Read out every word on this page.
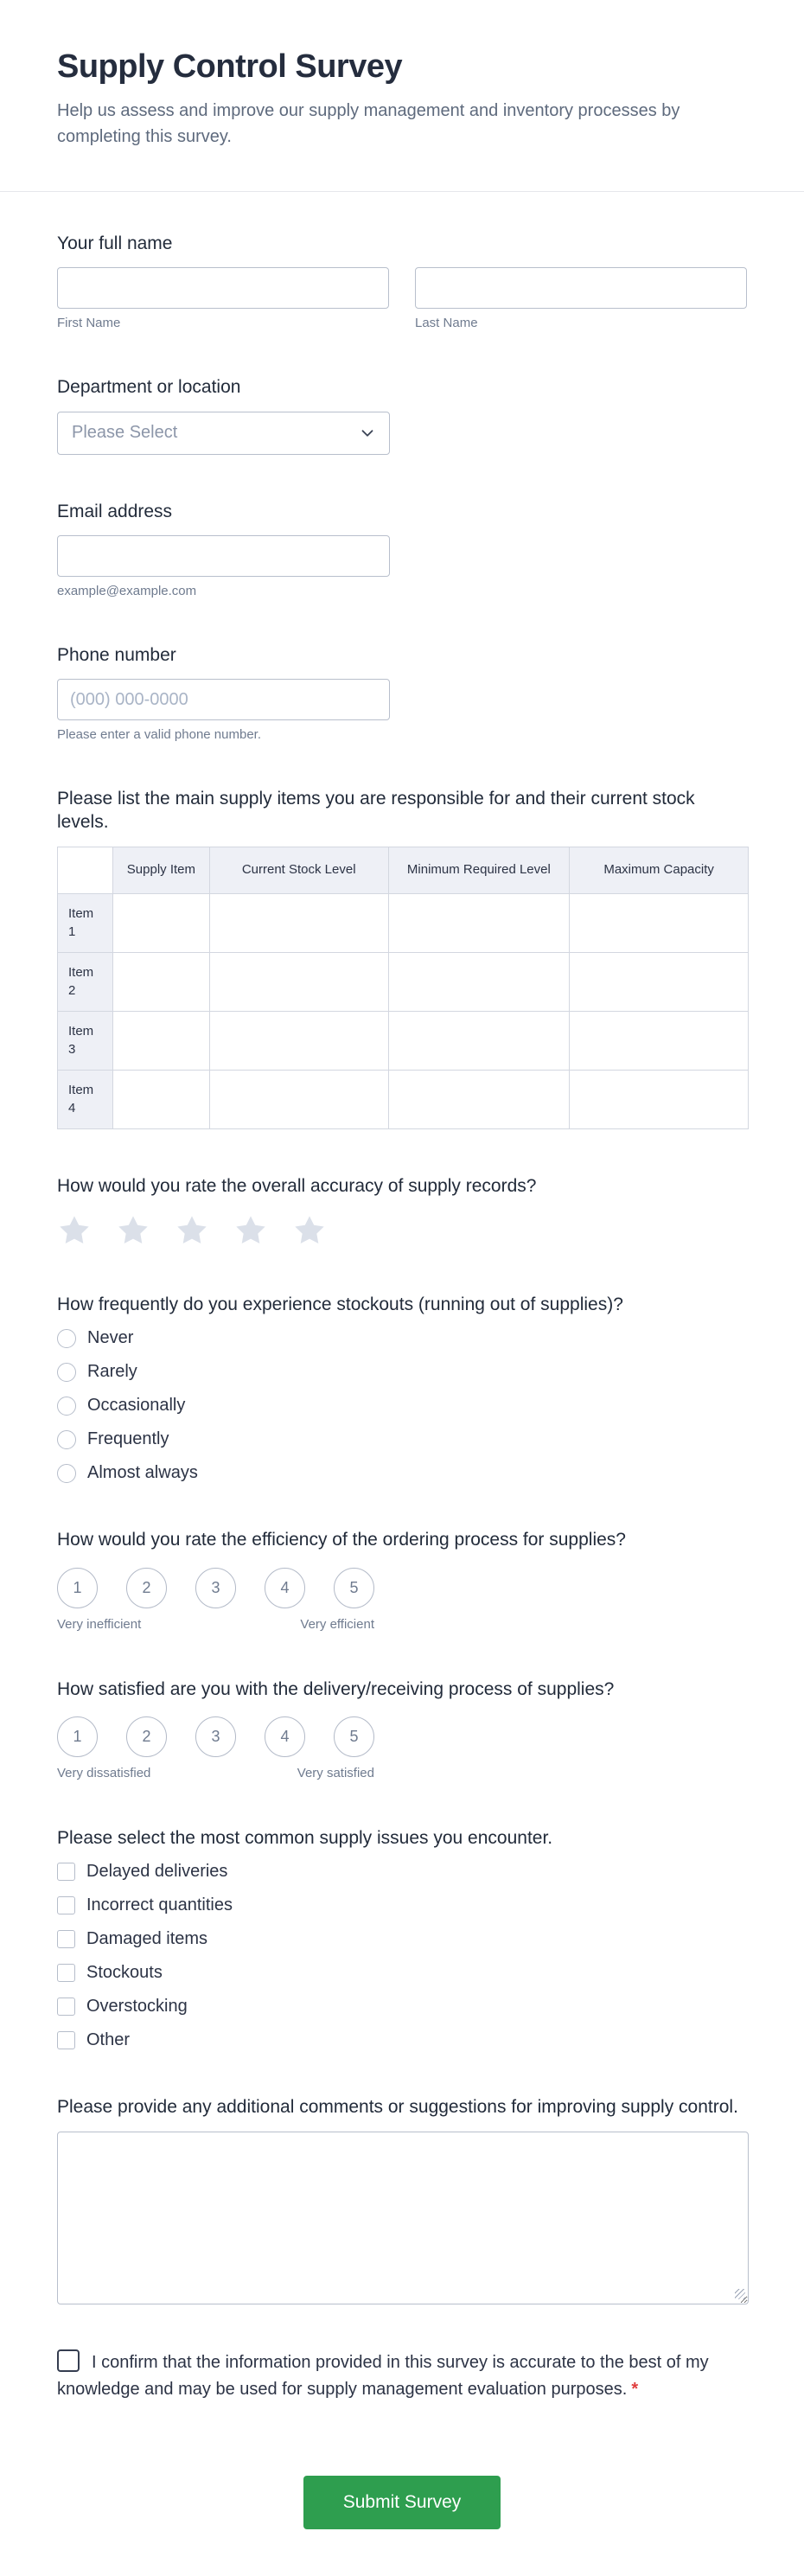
Supply Control Survey

Help us assess and improve our supply management and inventory processes by completing this survey.

Your full name
First Name	Last Name
Department or location
Please Select
Email address
example@example.com
Phone number
(000) 000-0000
Please enter a valid phone number.
Please list the main supply items you are responsible for and their current stock levels.
	Supply Item	Current Stock Level	Minimum Required Level	Maximum Capacity
Item 1				
Item 2				
Item 3				
Item 4				
How would you rate the overall accuracy of supply records?
How frequently do you experience stockouts (running out of supplies)?
Never
Rarely
Occasionally
Frequently
Almost always
How would you rate the efficiency of the ordering process for supplies?
1	2	3	4	5
Very inefficient	Very efficient
How satisfied are you with the delivery/receiving process of supplies?
1	2	3	4	5
Very dissatisfied	Very satisfied
Please select the most common supply issues you encounter.
Delayed deliveries
Incorrect quantities
Damaged items
Stockouts
Overstocking
Other
Please provide any additional comments or suggestions for improving supply control.
I confirm that the information provided in this survey is accurate to the best of my knowledge and may be used for supply management evaluation purposes. *
Submit Survey
